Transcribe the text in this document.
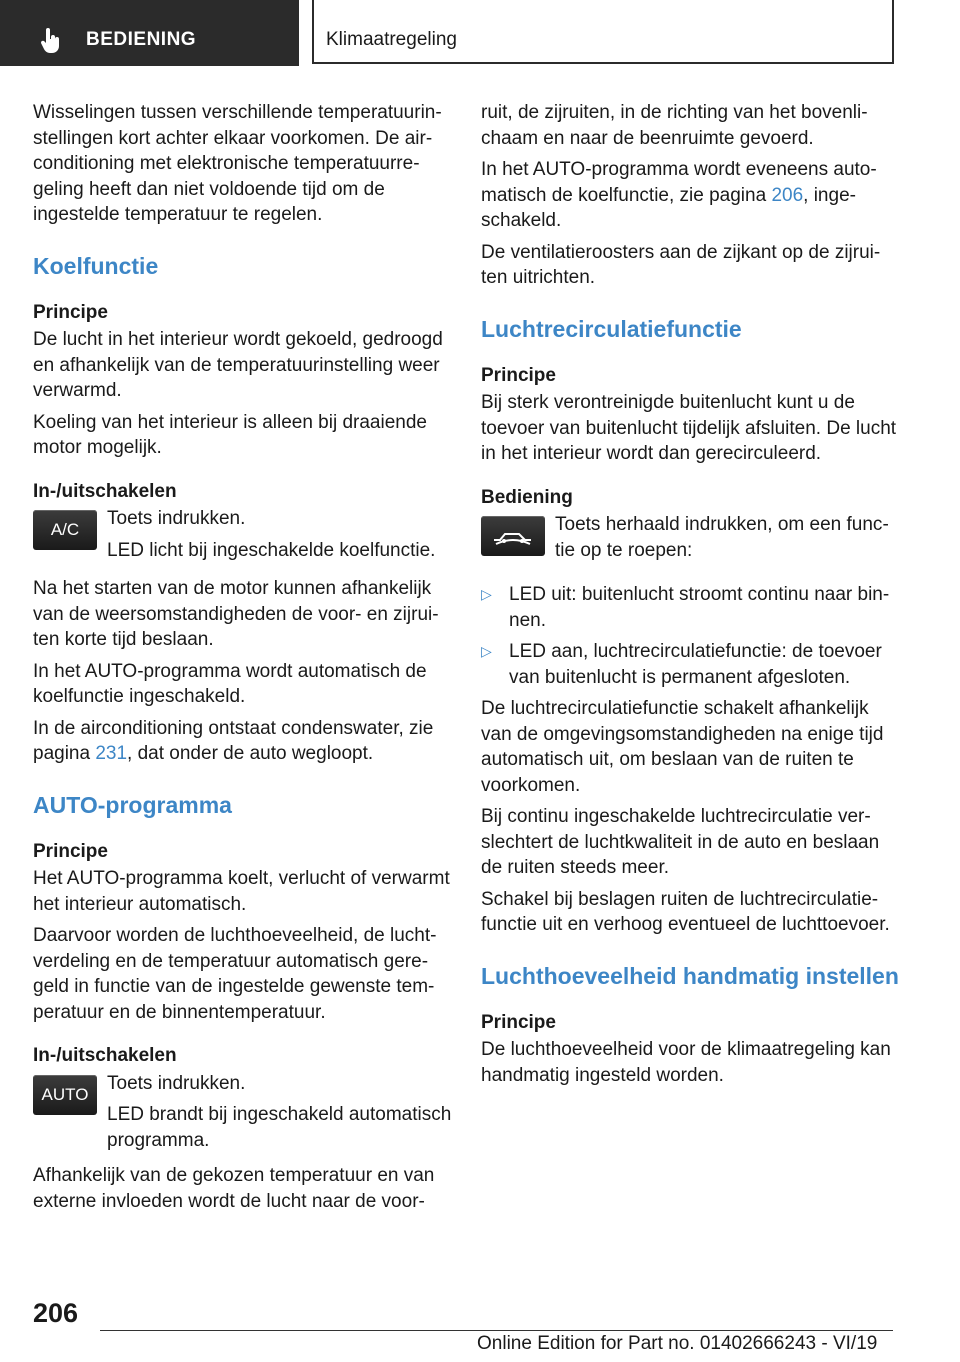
BEDIENING	Klimaatregeling

Wisselingen tussen verschillende temperatuurinstellingen kort achter elkaar voorkomen. De airconditioning met elektronische temperatuurregeling heeft dan niet voldoende tijd om de ingestelde temperatuur te regelen.

Koelfunctie
Principe

De lucht in het interieur wordt gekoeld, gedroogd en afhankelijk van de temperatuurinstelling weer verwarmd.

Koeling van het interieur is alleen bij draaiende motor mogelijk.

In-/uitschakelen
A/C

Toets indrukken.

LED licht bij ingeschakelde koelfunctie.

Na het starten van de motor kunnen afhankelijk van de weersomstandigheden de voor- en zijruiten korte tijd beslaan.

In het AUTO-programma wordt automatisch de koelfunctie ingeschakeld.

In de airconditioning ontstaat condenswater, zie pagina 231, dat onder de auto wegloopt.

AUTO-programma
Principe

Het AUTO-programma koelt, verlucht of verwarmt het interieur automatisch.

Daarvoor worden de luchthoeveelheid, de luchtverdeling en de temperatuur automatisch geregeld in functie van de ingestelde gewenste temperatuur en de binnentemperatuur.

In-/uitschakelen
AUTO

Toets indrukken.

LED brandt bij ingeschakeld automatisch programma.

Afhankelijk van de gekozen temperatuur en van externe invloeden wordt de lucht naar de voor-

ruit, de zijruiten, in de richting van het bovenlichaam en naar de beenruimte gevoerd.

In het AUTO-programma wordt eveneens automatisch de koelfunctie, zie pagina 206, ingeschakeld.

De ventilatieroosters aan de zijkant op de zijruiten uitrichten.

Luchtrecirculatiefunctie
Principe

Bij sterk verontreinigde buitenlucht kunt u de toevoer van buitenlucht tijdelijk afsluiten. De lucht in het interieur wordt dan gerecirculeerd.

Bediening

Toets herhaald indrukken, om een functie op te roepen:

▷ LED uit: buitenlucht stroomt continu naar binnen.
▷ LED aan, luchtrecirculatiefunctie: de toevoer van buitenlucht is permanent afgesloten.

De luchtrecirculatiefunctie schakelt afhankelijk van de omgevingsomstandigheden na enige tijd automatisch uit, om beslaan van de ruiten te voorkomen.

Bij continu ingeschakelde luchtrecirculatie verslechtert de luchtkwaliteit in de auto en beslaan de ruiten steeds meer.

Schakel bij beslagen ruiten de luchtrecirculatiefunctie uit en verhoog eventueel de luchttoevoer.

Luchthoeveelheid handmatig instellen
Principe

De luchthoeveelheid voor de klimaatregeling kan handmatig ingesteld worden.

206
Online Edition for Part no. 01402666243 - VI/19
